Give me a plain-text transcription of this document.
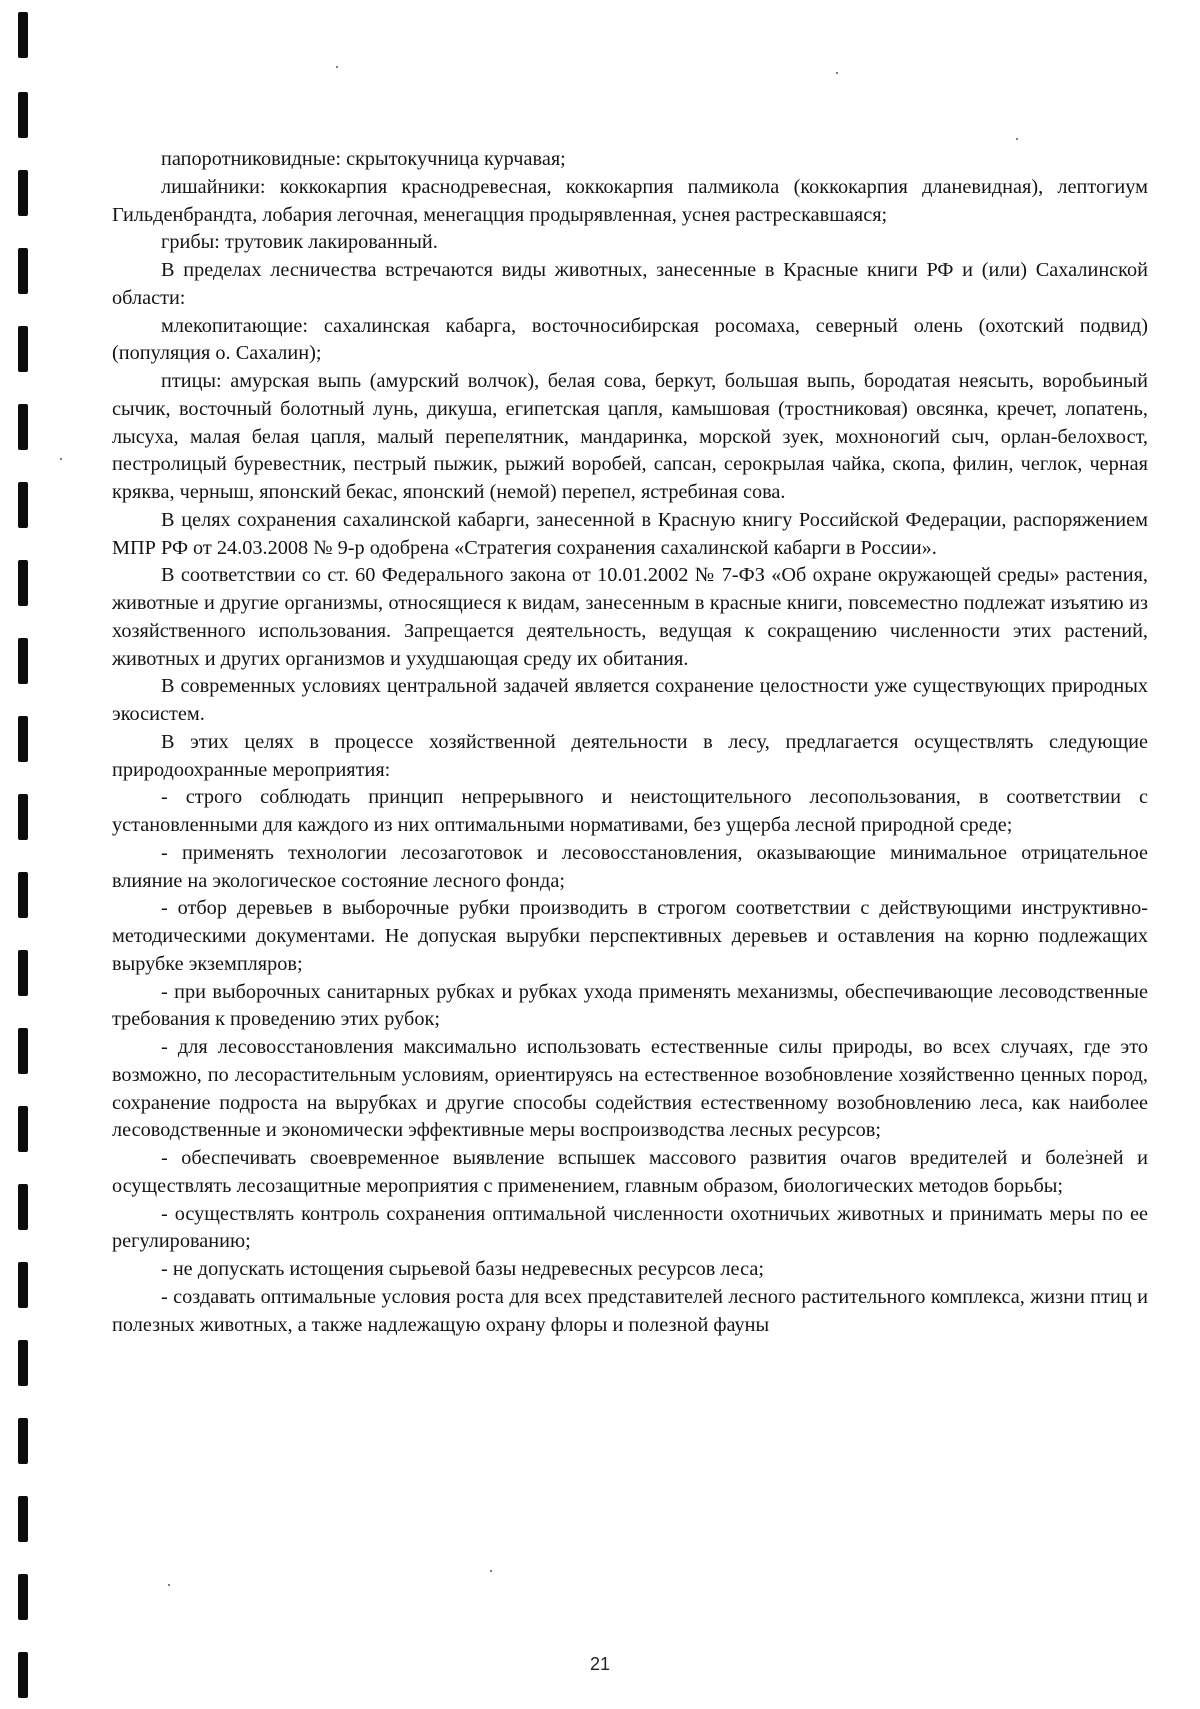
папоротниковидные: скрытокучница курчавая;

лишайники: коккокарпия краснодревесная, коккокарпия палмикола (коккокарпия дланевидная), лептогиум Гильденбрандта, лобария легочная, менегацция продырявленная, уснея растрескавшаяся;

грибы: трутовик лакированный.

В пределах лесничества встречаются виды животных, занесенные в Красные книги РФ и (или) Сахалинской области:

млекопитающие: сахалинская кабарга, восточносибирская росомаха, северный олень (охотский подвид) (популяция о. Сахалин);

птицы: амурская выпь (амурский волчок), белая сова, беркут, большая выпь, бородатая неясыть, воробьиный сычик, восточный болотный лунь, дикуша, египетская цапля, камышовая (тростниковая) овсянка, кречет, лопатень, лысуха, малая белая цапля, малый перепелятник, мандаринка, морской зуек, мохноногий сыч, орлан-белохвост, пестролицый буревестник, пестрый пыжик, рыжий воробей, сапсан, серокрылая чайка, скопа, филин, чеглок, черная кряква, черныш, японский бекас, японский (немой) перепел, ястребиная сова.

В целях сохранения сахалинской кабарги, занесенной в Красную книгу Российской Федерации, распоряжением МПР РФ от 24.03.2008 № 9-р одобрена «Стратегия сохранения сахалинской кабарги в России».

В соответствии со ст. 60 Федерального закона от 10.01.2002 № 7-ФЗ «Об охране окружающей среды» растения, животные и другие организмы, относящиеся к видам, занесенным в красные книги, повсеместно подлежат изъятию из хозяйственного использования. Запрещается деятельность, ведущая к сокращению численности этих растений, животных и других организмов и ухудшающая среду их обитания.

В современных условиях центральной задачей является сохранение целостности уже существующих природных экосистем.

В этих целях в процессе хозяйственной деятельности в лесу, предлагается осуществлять следующие природоохранные мероприятия:

- строго соблюдать принцип непрерывного и неистощительного лесопользования, в соответствии с установленными для каждого из них оптимальными нормативами, без ущерба лесной природной среде;

- применять технологии лесозаготовок и лесовосстановления, оказывающие минимальное отрицательное влияние на экологическое состояние лесного фонда;

- отбор деревьев в выборочные рубки производить в строгом соответствии с действующими инструктивно-методическими документами. Не допуская вырубки перспективных деревьев и оставления на корню подлежащих вырубке экземпляров;

- при выборочных санитарных рубках и рубках ухода применять механизмы, обеспечивающие лесоводственные требования к проведению этих рубок;

- для лесовосстановления максимально использовать естественные силы природы, во всех случаях, где это возможно, по лесорастительным условиям, ориентируясь на естественное возобновление хозяйственно ценных пород, сохранение подроста на вырубках и другие способы содействия естественному возобновлению леса, как наиболее лесоводственные и экономически эффективные меры воспроизводства лесных ресурсов;

- обеспечивать своевременное выявление вспышек массового развития очагов вредителей и болезней и осуществлять лесозащитные мероприятия с применением, главным образом, биологических методов борьбы;

- осуществлять контроль сохранения оптимальной численности охотничьих животных и принимать меры по ее регулированию;

- не допускать истощения сырьевой базы недревесных ресурсов леса;

- создавать оптимальные условия роста для всех представителей лесного растительного комплекса, жизни птиц и полезных животных, а также надлежащую охрану флоры и полезной фауны

21
